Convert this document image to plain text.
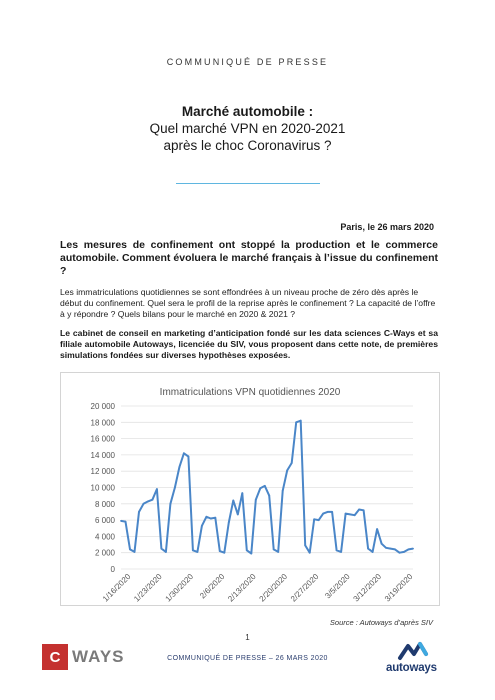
COMMUNIQUÉ DE PRESSE
Marché automobile :
Quel marché VPN en 2020-2021
après le choc Coronavirus ?
Paris, le 26 mars 2020
Les mesures de confinement ont stoppé la production et le commerce automobile. Comment évoluera le marché français à l’issue du confinement ?
Les immatriculations quotidiennes se sont effondrées à un niveau proche de zéro dès après le début du confinement. Quel sera le profil de la reprise après le confinement ? La capacité de l’offre à y répondre ? Quels bilans pour le marché en 2020 & 2021 ?
Le cabinet de conseil en marketing d’anticipation fondé sur les data sciences C-Ways et sa filiale automobile Autoways, licenciée du SIV, vous proposent dans cette note, de premières simulations fondées sur diverses hypothèses exposées.
Immatriculations VPN quotidiennes 2020
20 000
18 000
16 000
14 000
12 000
10 000
8 000
6 000
4 000
2 000
0
1/16/2020 1/23/2020 1/30/2020 2/6/2020 2/13/2020 2/20/2020 2/27/2020 3/5/2020 3/12/2020 3/19/2020
Source : Autoways d’après SIV
1
C WAYS	COMMUNIQUÉ DE PRESSE – 26 MARS 2020
autoways
